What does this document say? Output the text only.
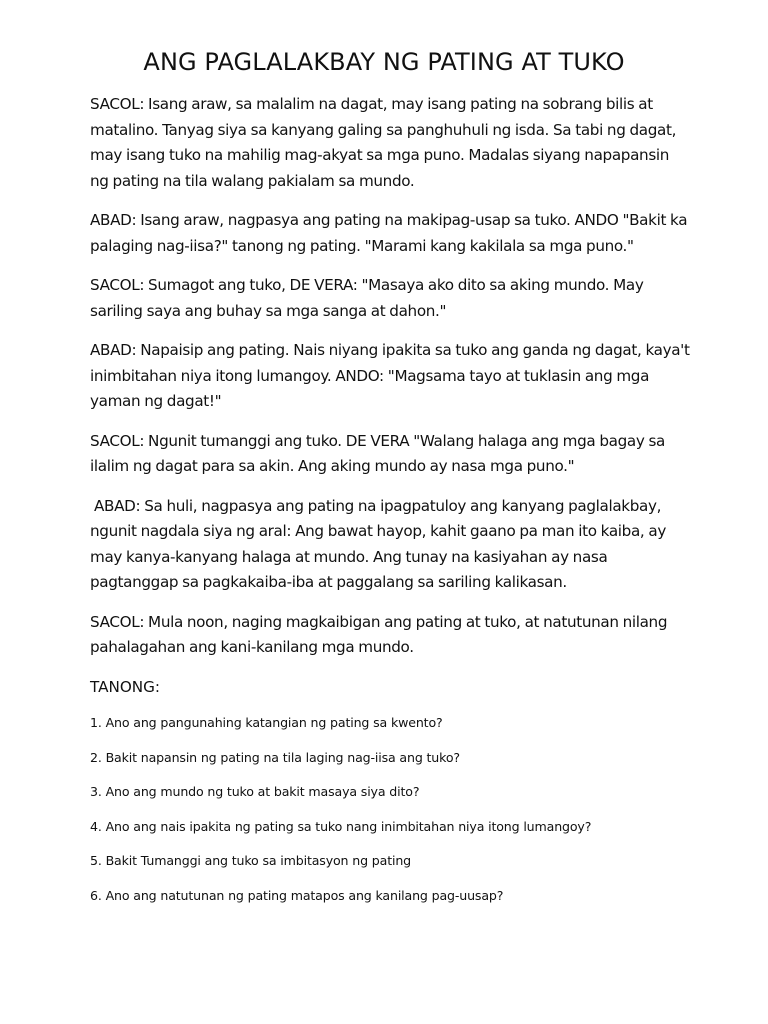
ANG PAGLALAKBAY NG PATING AT TUKO

SACOL: Isang araw, sa malalim na dagat, may isang pating na sobrang bilis at matalino. Tanyag siya sa kanyang galing sa panghuhuli ng isda. Sa tabi ng dagat, may isang tuko na mahilig mag-akyat sa mga puno. Madalas siyang napapansin ng pating na tila walang pakialam sa mundo.

ABAD: Isang araw, nagpasya ang pating na makipag-usap sa tuko. ANDO "Bakit ka palaging nag-iisa?" tanong ng pating. "Marami kang kakilala sa mga puno."

SACOL: Sumagot ang tuko, DE VERA: "Masaya ako dito sa aking mundo. May sariling saya ang buhay sa mga sanga at dahon."

ABAD: Napaisip ang pating. Nais niyang ipakita sa tuko ang ganda ng dagat, kaya't inimbitahan niya itong lumangoy. ANDO: "Magsama tayo at tuklasin ang mga yaman ng dagat!"

SACOL: Ngunit tumanggi ang tuko. DE VERA "Walang halaga ang mga bagay sa ilalim ng dagat para sa akin. Ang aking mundo ay nasa mga puno."

ABAD: Sa huli, nagpasya ang pating na ipagpatuloy ang kanyang paglalakbay, ngunit nagdala siya ng aral: Ang bawat hayop, kahit gaano pa man ito kaiba, ay may kanya-kanyang halaga at mundo. Ang tunay na kasiyahan ay nasa pagtanggap sa pagkakaiba-iba at paggalang sa sariling kalikasan.

SACOL: Mula noon, naging magkaibigan ang pating at tuko, at natutunan nilang pahalagahan ang kani-kanilang mga mundo.

TANONG:

1. Ano ang pangunahing katangian ng pating sa kwento?
2. Bakit napansin ng pating na tila laging nag-iisa ang tuko?
3. Ano ang mundo ng tuko at bakit masaya siya dito?
4. Ano ang nais ipakita ng pating sa tuko nang inimbitahan niya itong lumangoy?
5. Bakit Tumanggi ang tuko sa imbitasyon ng pating
6. Ano ang natutunan ng pating matapos ang kanilang pag-uusap?
